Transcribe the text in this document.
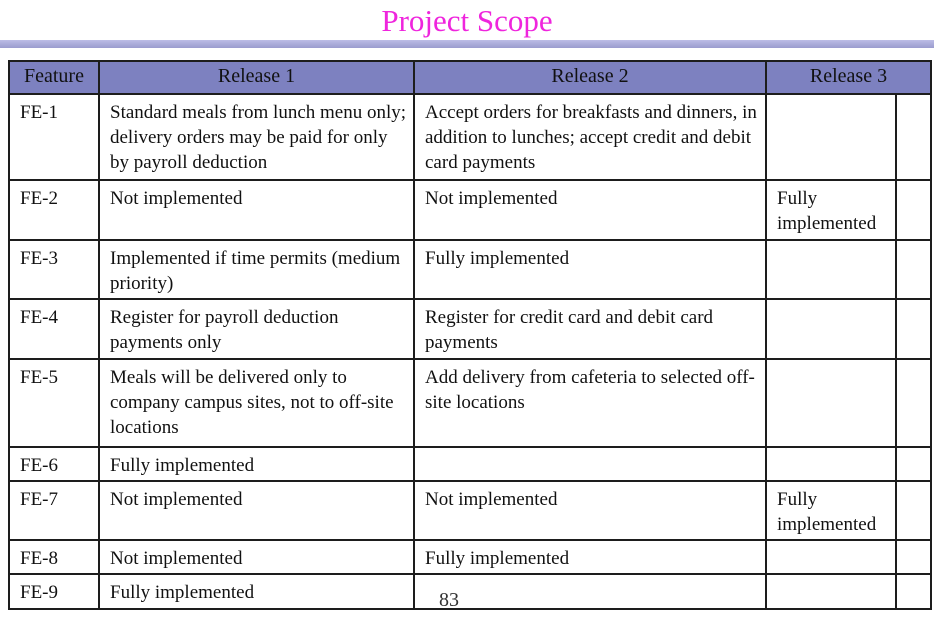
Project Scope
Feature	Release 1	Release 2	Release 3	
FE-1	Standard meals from lunch menu only; delivery orders may be paid for only by payroll deduction	Accept orders for breakfasts and dinners, in addition to lunches; accept credit and debit card payments		
FE-2	Not implemented	Not implemented	Fully implemented	
FE-3	Implemented if time permits (medium priority)	Fully implemented		
FE-4	Register for payroll deduction payments only	Register for credit card and debit card payments		
FE-5	Meals will be delivered only to company campus sites, not to off-site locations	Add delivery from cafeteria to selected off-site locations		
FE-6	Fully implemented			
FE-7	Not implemented	Not implemented	Fully implemented	
FE-8	Not implemented	Fully implemented		
FE-9	Fully implemented				83
